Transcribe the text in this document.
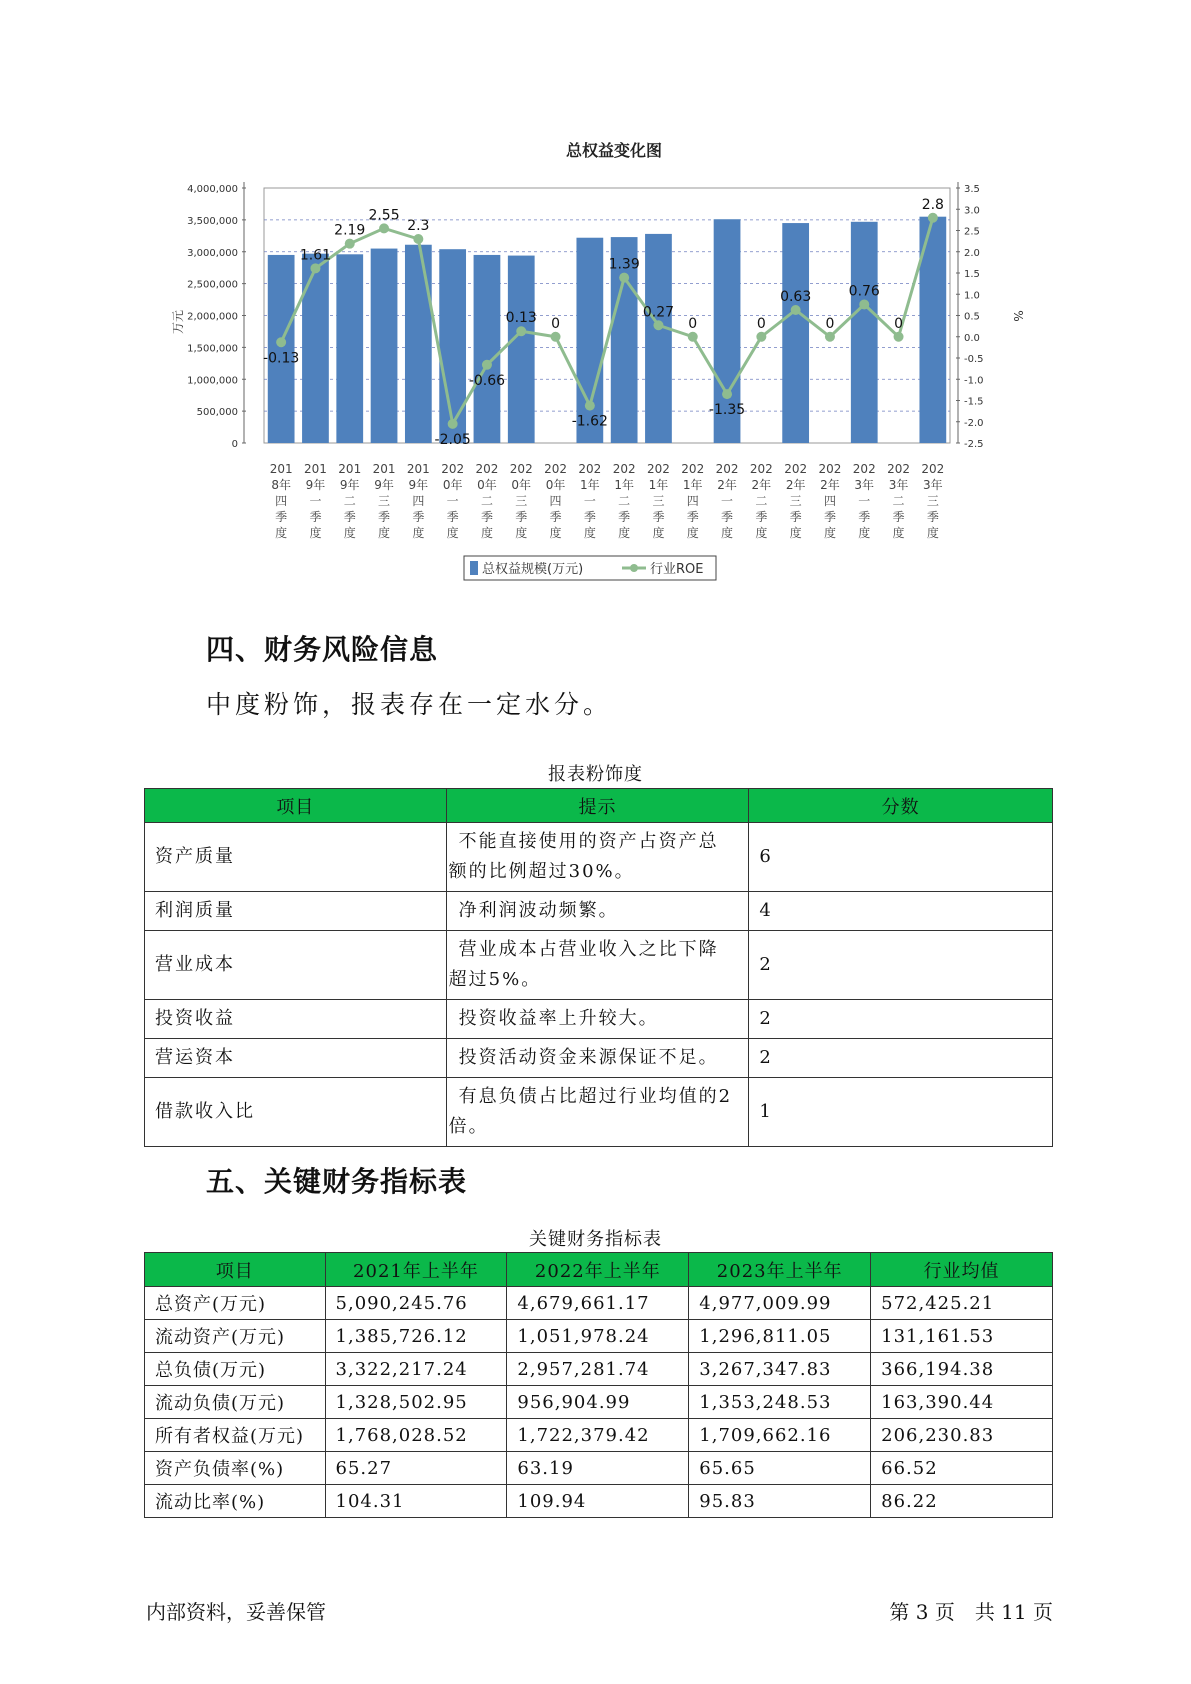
总权益变化图
0
500,000
1,000,000
1,500,000
2,000,000
2,500,000
3,000,000
3,500,000
4,000,000
-2.5
-2.0
-1.5
-1.0
-0.5
0.0
0.5
1.0
1.5
2.0
2.5
3.0
3.5
万元	%
-0.13
1.61
2.19
2.55
2.3
-2.05
-0.66
0.13 0
-1.62
1.39
0.27
0
-1.35
0
0.63
0
0.76
0
2.8
201
8年
四
季
度
201
9年
一
季
度
201
9年
二
季
度
201
9年
三
季
度
201
9年
四
季
度
202
0年
一
季
度
202
0年
二
季
度
202
0年
三
季
度
202
0年
四
季
度
202
1年
一
季
度
202
1年
二
季
度
202
1年
三
季
度
202
1年
四
季
度
202
2年
一
季
度
202
2年
二
季
度
202
2年
三
季
度
202
2年
四
季
度
202
3年
一
季
度
202
3年
二
季
度
202
3年
三
季
度
总权益规模(万元)	行业ROE
四、财务风险信息
中度粉饰，报表存在一定水分。
报表粉饰度
项目	提示	分数
资产质量	不能直接使用的资产占资产总额的比例超过30%。	6
利润质量	净利润波动频繁。	4
营业成本	营业成本占营业收入之比下降超过5%。	2
投资收益	投资收益率上升较大。	2
营运资本	投资活动资金来源保证不足。	2
借款收入比	有息负债占比超过行业均值的2倍。	1
五、关键财务指标表
关键财务指标表
项目	2021年上半年	2022年上半年	2023年上半年	行业均值
总资产(万元)	5,090,245.76	4,679,661.17	4,977,009.99	572,425.21
流动资产(万元)	1,385,726.12	1,051,978.24	1,296,811.05	131,161.53
总负债(万元)	3,322,217.24	2,957,281.74	3,267,347.83	366,194.38
流动负债(万元)	1,328,502.95	956,904.99	1,353,248.53	163,390.44
所有者权益(万元)	1,768,028.52	1,722,379.42	1,709,662.16	206,230.83
资产负债率(%)	65.27	63.19	65.65	66.52
流动比率(%)	104.31	109.94	95.83	86.22
内部资料，妥善保管	第 3 页　共 11 页
